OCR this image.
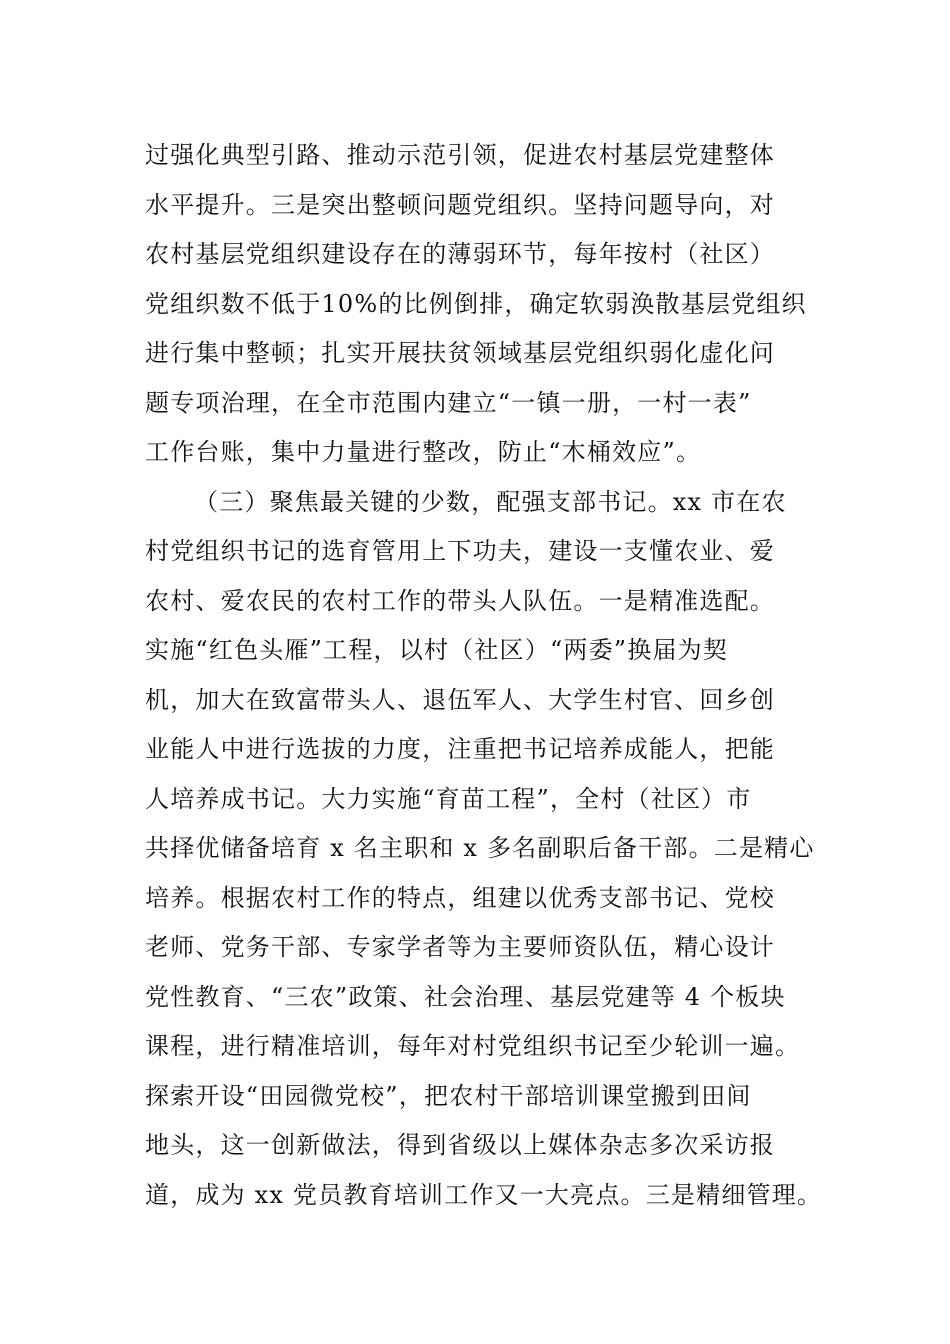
过强化典型引路、推动示范引领，促进农村基层党建整体
水平提升。三是突出整顿问题党组织。坚持问题导向，对
农村基层党组织建设存在的薄弱环节，每年按村（社区）
党组织数不低于10%的比例倒排，确定软弱涣散基层党组织
进行集中整顿；扎实开展扶贫领域基层党组织弱化虚化问
题专项治理，在全市范围内建立“一镇一册，一村一表”
工作台账，集中力量进行整改，防止“木桶效应”。
（三）聚焦最关键的少数，配强支部书记。xx 市在农
村党组织书记的选育管用上下功夫，建设一支懂农业、爱
农村、爱农民的农村工作的带头人队伍。一是精准选配。
实施“红色头雁”工程，以村（社区）“两委”换届为契
机，加大在致富带头人、退伍军人、大学生村官、回乡创
业能人中进行选拔的力度，注重把书记培养成能人，把能
人培养成书记。大力实施“育苗工程”，全村（社区）市
共择优储备培育 x 名主职和 x 多名副职后备干部。二是精心
培养。根据农村工作的特点，组建以优秀支部书记、党校
老师、党务干部、专家学者等为主要师资队伍，精心设计
党性教育、“三农”政策、社会治理、基层党建等 4 个板块
课程，进行精准培训，每年对村党组织书记至少轮训一遍。
探索开设“田园微党校”，把农村干部培训课堂搬到田间
地头，这一创新做法，得到省级以上媒体杂志多次采访报
道，成为 xx 党员教育培训工作又一大亮点。三是精细管理。
